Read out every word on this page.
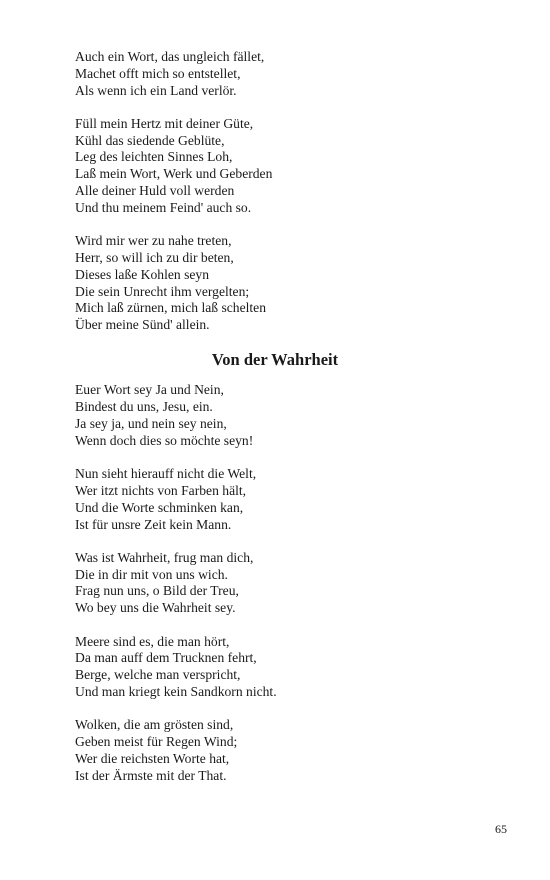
Auch ein Wort, das ungleich fället,
Machet offt mich so entstellet,
Als wenn ich ein Land verlör.
Füll mein Hertz mit deiner Güte,
Kühl das siedende Geblüte,
Leg des leichten Sinnes Loh,
Laß mein Wort, Werk und Geberden
Alle deiner Huld voll werden
Und thu meinem Feind' auch so.
Wird mir wer zu nahe treten,
Herr, so will ich zu dir beten,
Dieses laße Kohlen seyn
Die sein Unrecht ihm vergelten;
Mich laß zürnen, mich laß schelten
Über meine Sünd' allein.
Von der Wahrheit
Euer Wort sey Ja und Nein,
Bindest du uns, Jesu, ein.
Ja sey ja, und nein sey nein,
Wenn doch dies so möchte seyn!
Nun sieht hierauff nicht die Welt,
Wer itzt nichts von Farben hält,
Und die Worte schminken kan,
Ist für unsre Zeit kein Mann.
Was ist Wahrheit, frug man dich,
Die in dir mit von uns wich.
Frag nun uns, o Bild der Treu,
Wo bey uns die Wahrheit sey.
Meere sind es, die man hört,
Da man auff dem Trucknen fehrt,
Berge, welche man verspricht,
Und man kriegt kein Sandkorn nicht.
Wolken, die am grösten sind,
Geben meist für Regen Wind;
Wer die reichsten Worte hat,
Ist der Ärmste mit der That.
65
